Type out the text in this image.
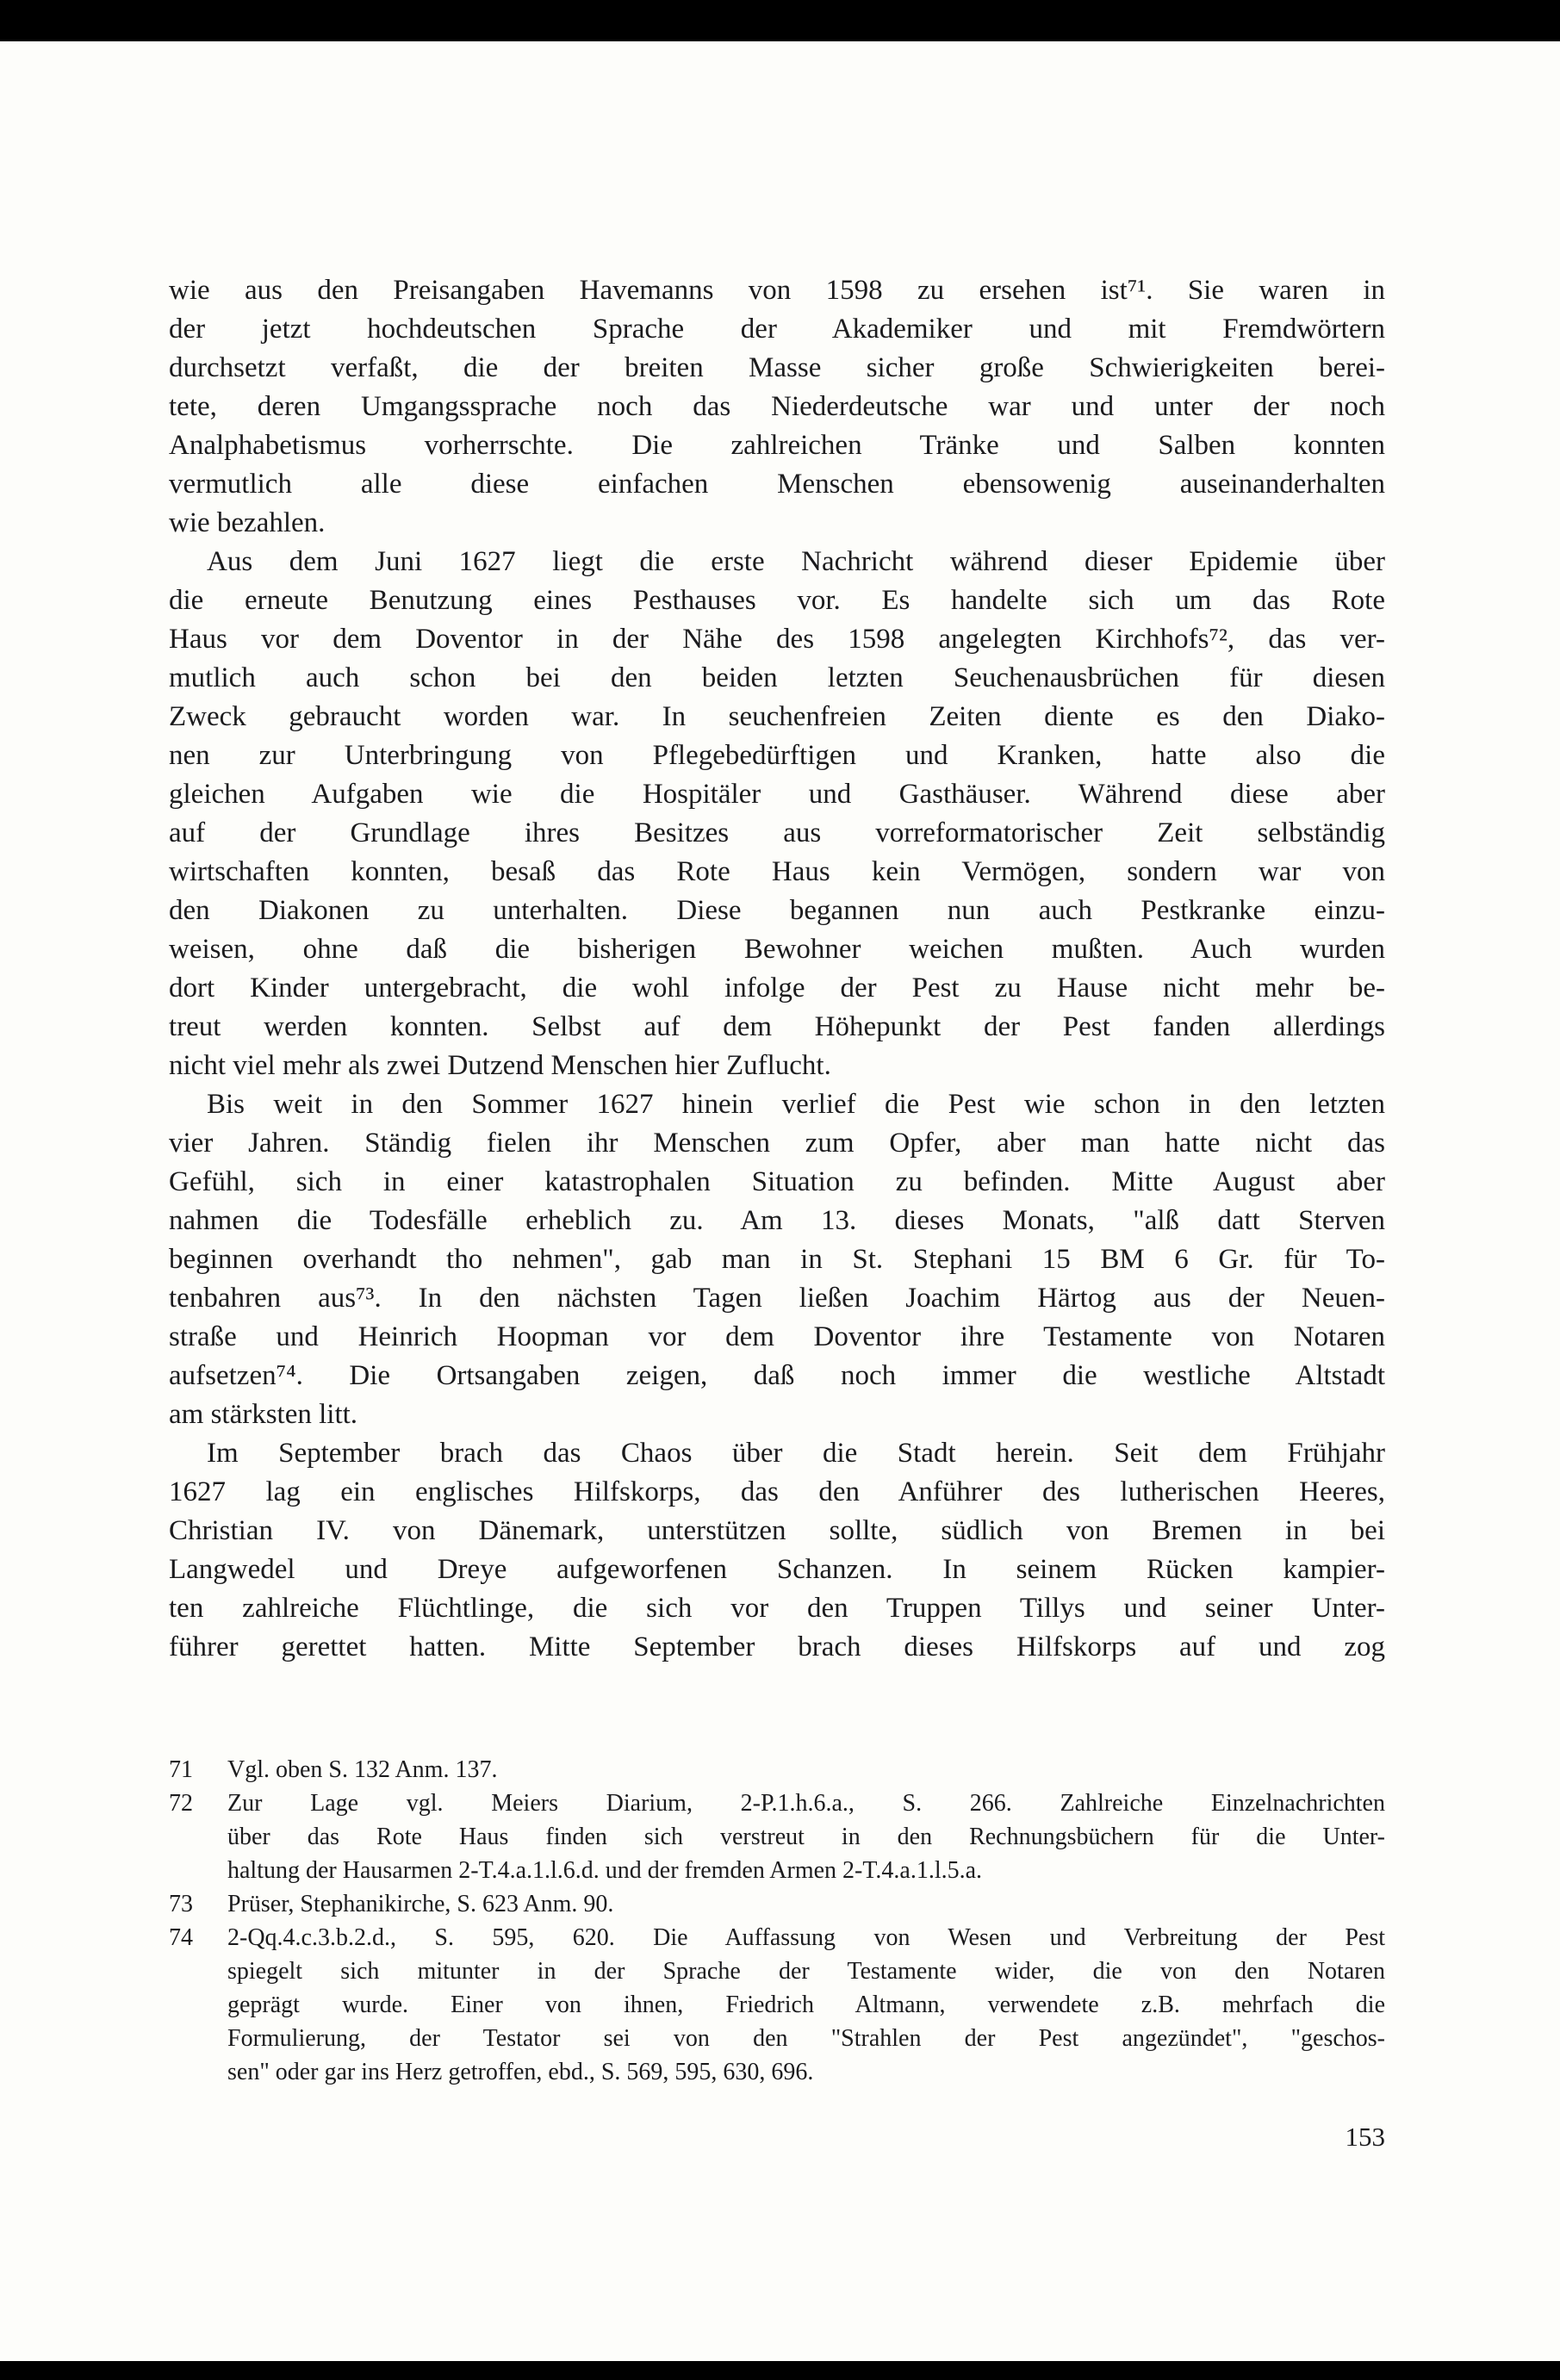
wie aus den Preisangaben Havemanns von 1598 zu ersehen ist⁷¹. Sie waren in
der jetzt hochdeutschen Sprache der Akademiker und mit Fremdwörtern
durchsetzt verfaßt, die der breiten Masse sicher große Schwierigkeiten berei-
tete, deren Umgangssprache noch das Niederdeutsche war und unter der noch
Analphabetismus vorherrschte. Die zahlreichen Tränke und Salben konnten
vermutlich alle diese einfachen Menschen ebensowenig auseinanderhalten
wie bezahlen.
Aus dem Juni 1627 liegt die erste Nachricht während dieser Epidemie über
die erneute Benutzung eines Pesthauses vor. Es handelte sich um das Rote
Haus vor dem Doventor in der Nähe des 1598 angelegten Kirchhofs⁷², das ver-
mutlich auch schon bei den beiden letzten Seuchenausbrüchen für diesen
Zweck gebraucht worden war. In seuchenfreien Zeiten diente es den Diako-
nen zur Unterbringung von Pflegebedürftigen und Kranken, hatte also die
gleichen Aufgaben wie die Hospitäler und Gasthäuser. Während diese aber
auf der Grundlage ihres Besitzes aus vorreformatorischer Zeit selbständig
wirtschaften konnten, besaß das Rote Haus kein Vermögen, sondern war von
den Diakonen zu unterhalten. Diese begannen nun auch Pestkranke einzu-
weisen, ohne daß die bisherigen Bewohner weichen mußten. Auch wurden
dort Kinder untergebracht, die wohl infolge der Pest zu Hause nicht mehr be-
treut werden konnten. Selbst auf dem Höhepunkt der Pest fanden allerdings
nicht viel mehr als zwei Dutzend Menschen hier Zuflucht.
Bis weit in den Sommer 1627 hinein verlief die Pest wie schon in den letzten
vier Jahren. Ständig fielen ihr Menschen zum Opfer, aber man hatte nicht das
Gefühl, sich in einer katastrophalen Situation zu befinden. Mitte August aber
nahmen die Todesfälle erheblich zu. Am 13. dieses Monats, "alß datt Sterven
beginnen overhandt tho nehmen", gab man in St. Stephani 15 BM 6 Gr. für To-
tenbahren aus⁷³. In den nächsten Tagen ließen Joachim Härtog aus der Neuen-
straße und Heinrich Hoopman vor dem Doventor ihre Testamente von Notaren
aufsetzen⁷⁴. Die Ortsangaben zeigen, daß noch immer die westliche Altstadt
am stärksten litt.
Im September brach das Chaos über die Stadt herein. Seit dem Frühjahr
1627 lag ein englisches Hilfskorps, das den Anführer des lutherischen Heeres,
Christian IV. von Dänemark, unterstützen sollte, südlich von Bremen in bei
Langwedel und Dreye aufgeworfenen Schanzen. In seinem Rücken kampier-
ten zahlreiche Flüchtlinge, die sich vor den Truppen Tillys und seiner Unter-
führer gerettet hatten. Mitte September brach dieses Hilfskorps auf und zog
71	Vgl. oben S. 132 Anm. 137.
72	Zur Lage vgl. Meiers Diarium, 2-P.1.h.6.a., S. 266. Zahlreiche Einzelnachrichten
über das Rote Haus finden sich verstreut in den Rechnungsbüchern für die Unter-
haltung der Hausarmen 2-T.4.a.1.l.6.d. und der fremden Armen 2-T.4.a.1.l.5.a.
73	Prüser, Stephanikirche, S. 623 Anm. 90.
74	2-Qq.4.c.3.b.2.d., S. 595, 620. Die Auffassung von Wesen und Verbreitung der Pest
spiegelt sich mitunter in der Sprache der Testamente wider, die von den Notaren
geprägt wurde. Einer von ihnen, Friedrich Altmann, verwendete z.B. mehrfach die
Formulierung, der Testator sei von den "Strahlen der Pest angezündet", "geschos-
sen" oder gar ins Herz getroffen, ebd., S. 569, 595, 630, 696.
153
